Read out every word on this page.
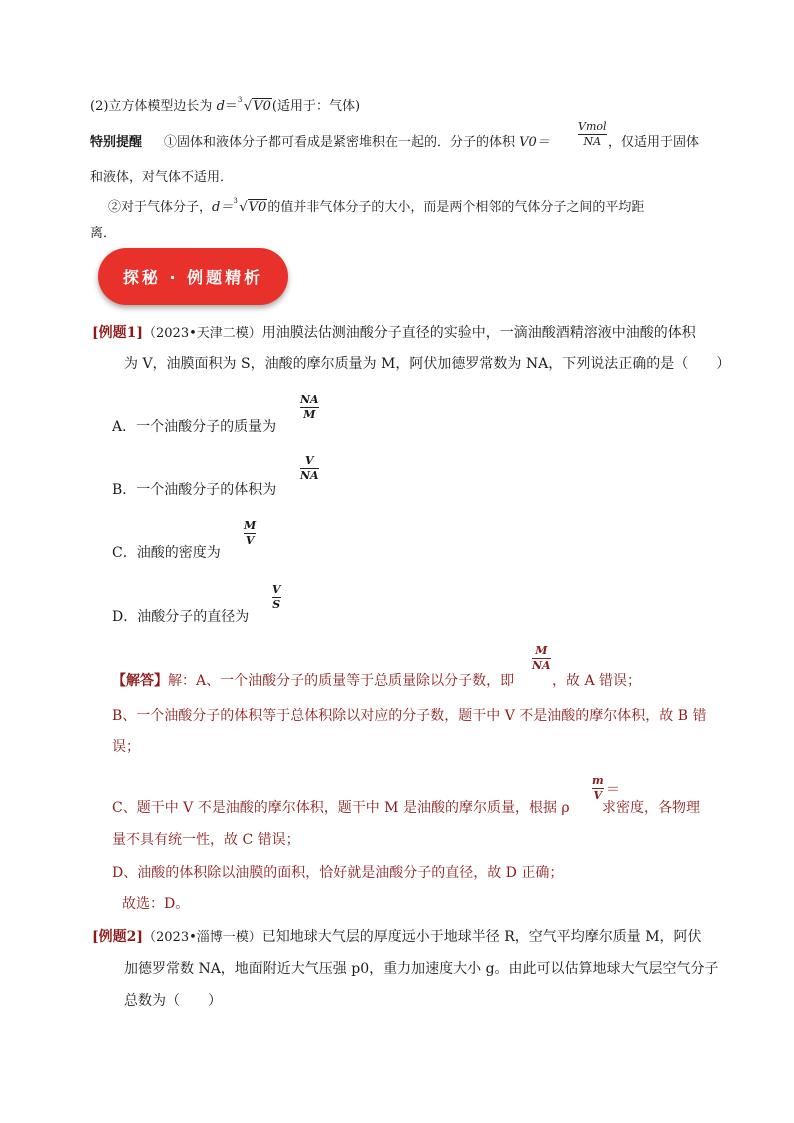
(2)立方体模型边长为 d＝ 3 √V0(适用于：气体)
特别提醒 ①固体和液体分子都可看成是紧密堆积在一起的．分子的体积 V0＝
Vmol
NA ，仅适用于固体
和液体，对气体不适用．
②对于气体分子，d＝ 3 √V0的值并非气体分子的大小，而是两个相邻的气体分子之间的平均距
离．
探秘 · 例题精析
[例题1]（2023•天津二模）用油膜法估测油酸分子直径的实验中，一滴油酸酒精溶液中油酸的体积
为 V，油膜面积为 S，油酸的摩尔质量为 M，阿伏加德罗常数为 NA，下列说法正确的是（　　）
A．一个油酸分子的质量为
NA
M
B．一个油酸分子的体积为
V
NA
C．油酸的密度为
M
V
D．油酸分子的直径为
V
S
【解答】解：A、一个油酸分子的质量等于总质量除以分子数，即
M
NA
，故 A 错误；
B、一个油酸分子的体积等于总体积除以对应的分子数，题干中 V 不是油酸的摩尔体积，故 B 错
误；
C、题干中 V 不是油酸的摩尔体积，题干中 M 是油酸的摩尔质量，根据 ρ
＝
m
V
求密度，各物理
量不具有统一性，故 C 错误；
D、油酸的体积除以油膜的面积，恰好就是油酸分子的直径，故 D 正确；
故选：D。
[例题2]（2023•淄博一模）已知地球大气层的厚度远小于地球半径 R，空气平均摩尔质量 M，阿伏
加德罗常数 NA，地面附近大气压强 p0，重力加速度大小 g。由此可以估算地球大气层空气分子
总数为（　　）
